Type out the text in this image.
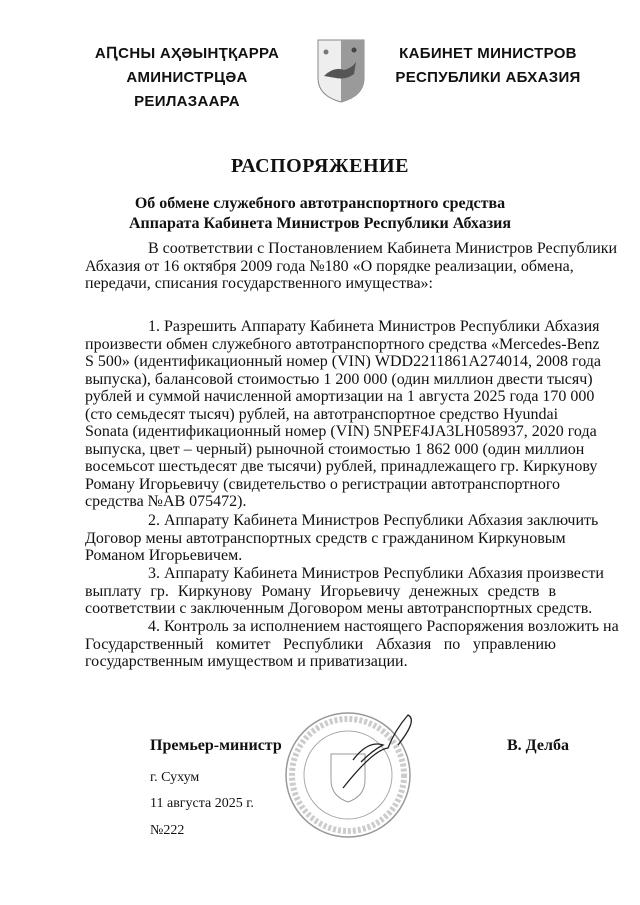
АԤСНЫ АҲӘЫНҬҚАРРА
АМИНИСТРЦӘА РЕИЛАЗААРА
КАБИНЕТ МИНИСТРОВ
РЕСПУБЛИКИ АБХАЗИЯ
РАСПОРЯЖЕНИЕ
Об обмене служебного автотранспортного средства
Аппарата Кабинета Министров Республики Абхазия
В соответствии с Постановлением Кабинета Министров Республики
Абхазия от 16 октября 2009 года №180 «О порядке реализации, обмена,
передачи, списания государственного имущества»:
1. Разрешить Аппарату Кабинета Министров Республики Абхазия
произвести обмен служебного автотранспортного средства «Mercedes-Benz
S 500» (идентификационный номер (VIN) WDD2211861A274014, 2008 года
выпуска), балансовой стоимостью 1 200 000 (один миллион двести тысяч)
рублей и суммой начисленной амортизации на 1 августа 2025 года 170 000
(сто семьдесят тысяч) рублей, на автотранспортное средство Hyundai
Sonata (идентификационный номер (VIN) 5NPEF4JA3LH058937, 2020 года
выпуска, цвет – черный) рыночной стоимостью 1 862 000 (один миллион
восемьсот шестьдесят две тысячи) рублей, принадлежащего гр. Киркунову
Роману Игорьевичу (свидетельство о регистрации автотранспортного
средства №АВ 075472).
2. Аппарату Кабинета Министров Республики Абхазия заключить
Договор мены автотранспортных средств с гражданином Киркуновым
Романом Игорьевичем.
3. Аппарату Кабинета Министров Республики Абхазия произвести
выплату гр. Киркунову Роману Игорьевичу денежных средств в
соответствии с заключенным Договором мены автотранспортных средств.
4. Контроль за исполнением настоящего Распоряжения возложить на
Государственный комитет Республики Абхазия по управлению
государственным имуществом и приватизации.
Премьер-министр	В. Делба
г. Сухум
11 августа 2025 г.
№222
